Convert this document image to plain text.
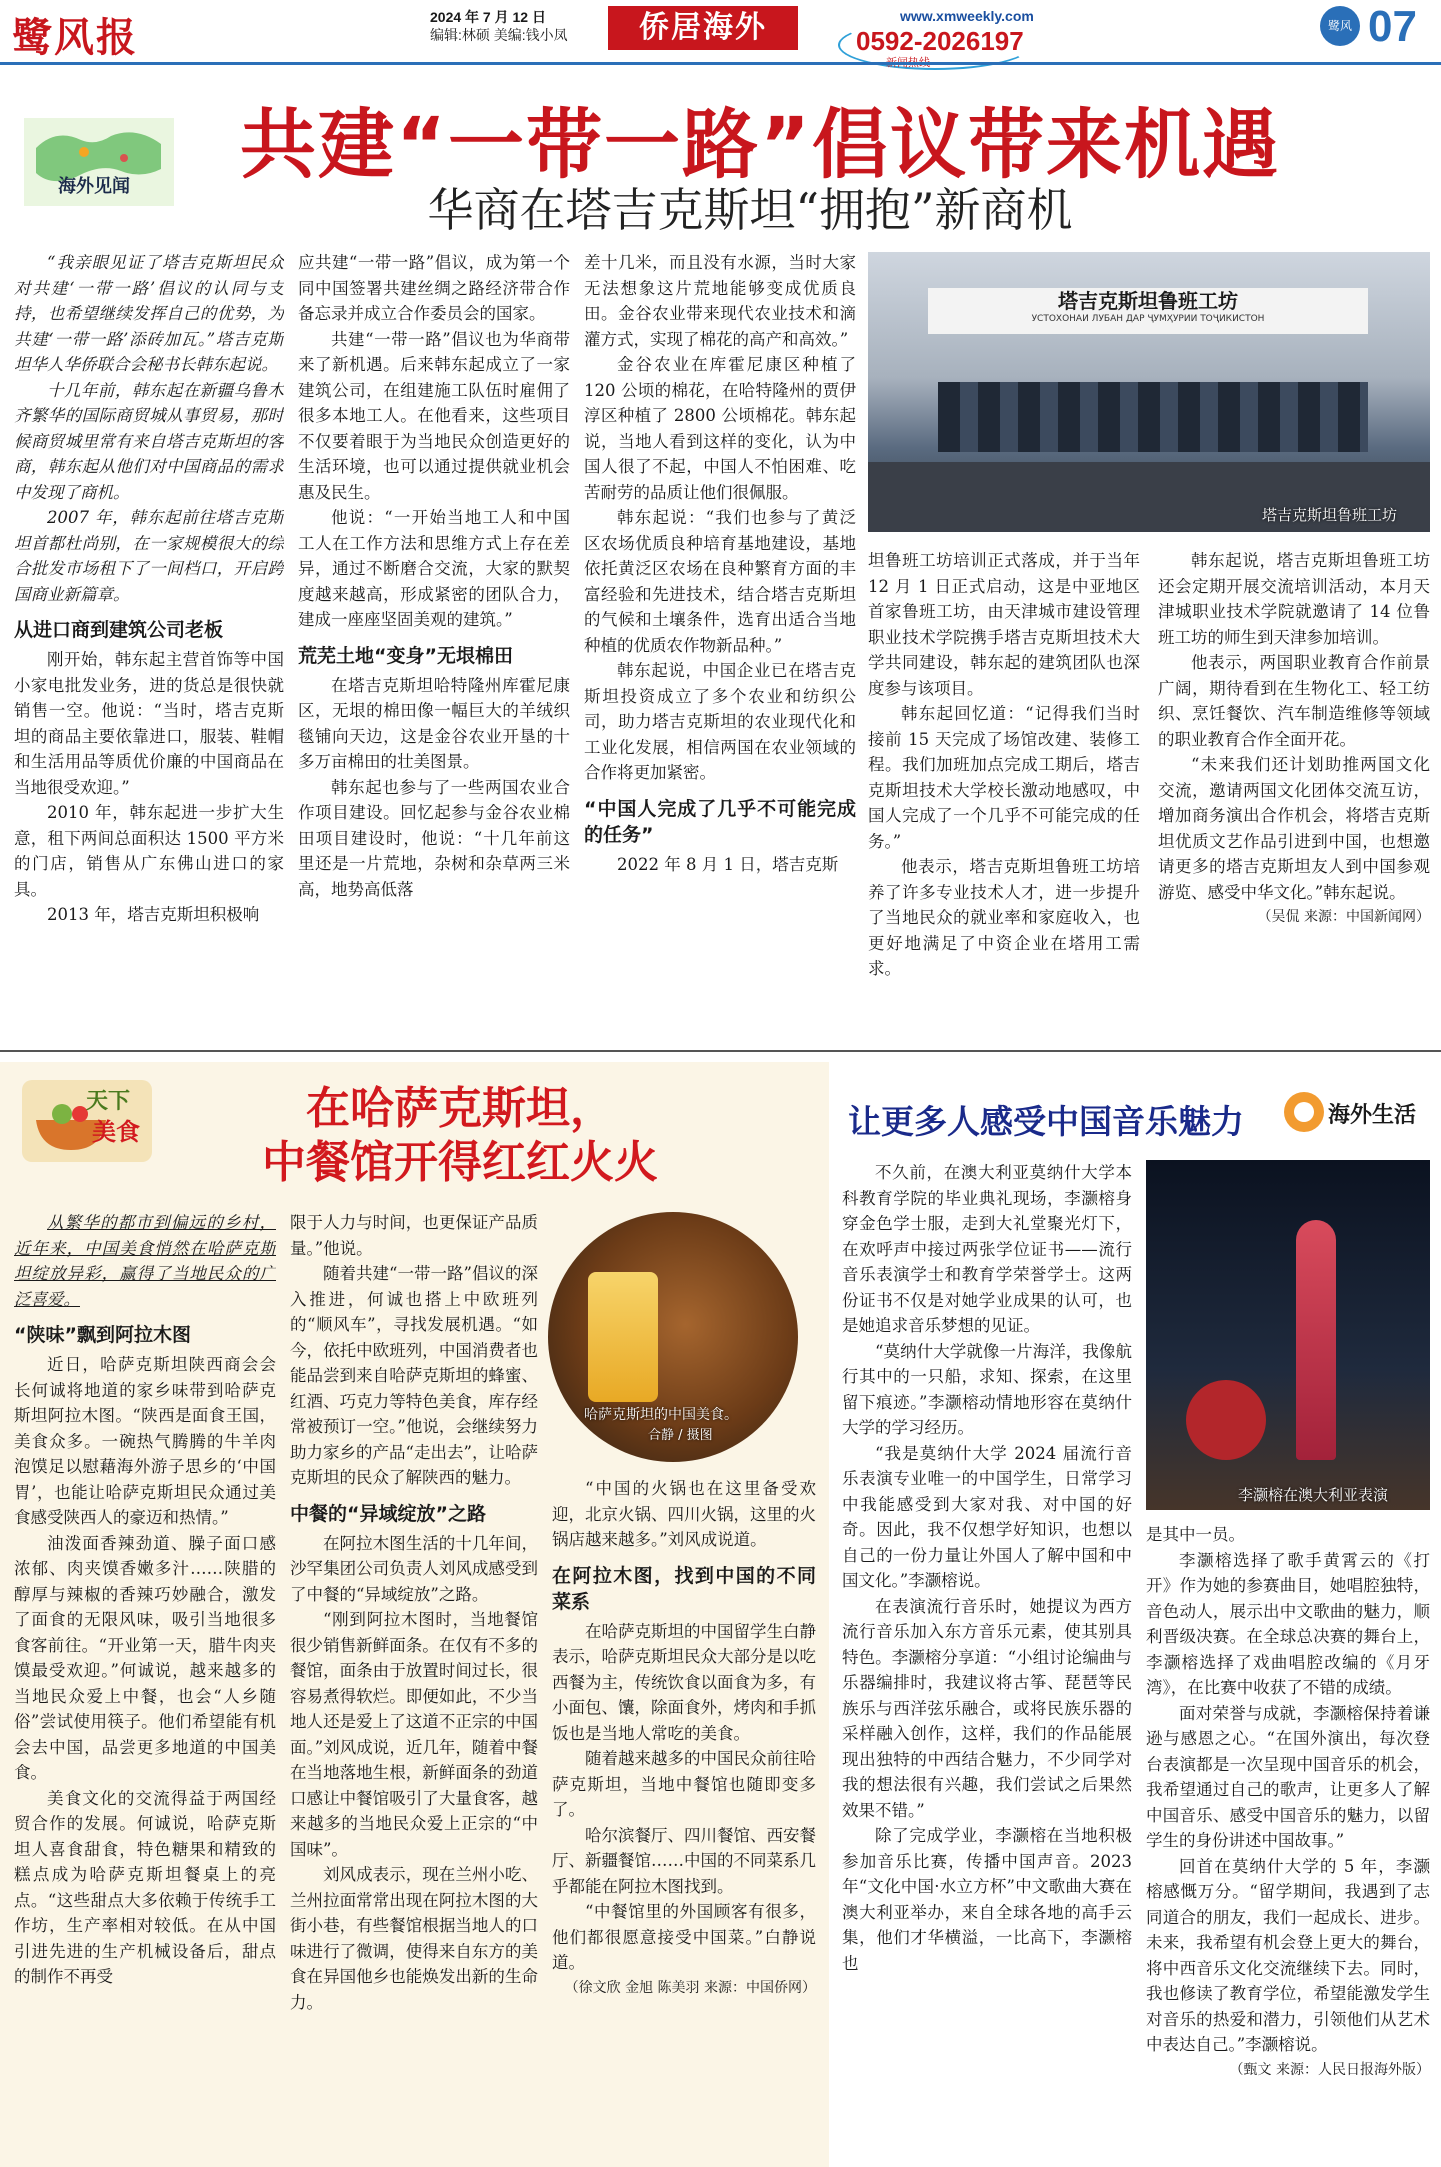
鹭风报	2024 年 7 月 12 日
编辑:林硕 美编:钱小凤	侨居海外	www.xmweekly.com
0592-2026197	鹭风 07
海外见闻 共建“一带一路”倡议带来机遇
华商在塔吉克斯坦“拥抱”新商机

“我亲眼见证了塔吉克斯坦民众对共建‘一带一路’倡议的认同与支持，也希望继续发挥自己的优势，为共建‘一带一路’添砖加瓦。”塔吉克斯坦华人华侨联合会秘书长韩东起说。

十几年前，韩东起在新疆乌鲁木齐繁华的国际商贸城从事贸易，那时候商贸城里常有来自塔吉克斯坦的客商，韩东起从他们对中国商品的需求中发现了商机。

2007 年，韩东起前往塔吉克斯坦首都杜尚别，在一家规模很大的综合批发市场租下了一间档口，开启跨国商业新篇章。

从进口商到建筑公司老板

刚开始，韩东起主营首饰等中国小家电批发业务，进的货总是很快就销售一空。他说：“当时，塔吉克斯坦的商品主要依靠进口，服装、鞋帽和生活用品等质优价廉的中国商品在当地很受欢迎。”

2010 年，韩东起进一步扩大生意，租下两间总面积达 1500 平方米的门店，销售从广东佛山进口的家具。

2013 年，塔吉克斯坦积极响

应共建“一带一路”倡议，成为第一个同中国签署共建丝绸之路经济带合作备忘录并成立合作委员会的国家。

共建“一带一路”倡议也为华商带来了新机遇。后来韩东起成立了一家建筑公司，在组建施工队伍时雇佣了很多本地工人。在他看来，这些项目不仅要着眼于为当地民众创造更好的生活环境，也可以通过提供就业机会惠及民生。

他说：“一开始当地工人和中国工人在工作方法和思维方式上存在差异，通过不断磨合交流，大家的默契度越来越高，形成紧密的团队合力，建成一座座坚固美观的建筑。”

荒芜土地“变身”无垠棉田

在塔吉克斯坦哈特隆州库霍尼康区，无垠的棉田像一幅巨大的羊绒织毯铺向天边，这是金谷农业开垦的十多万亩棉田的壮美图景。

韩东起也参与了一些两国农业合作项目建设。回忆起参与金谷农业棉田项目建设时，他说：“十几年前这里还是一片荒地，杂树和杂草两三米高，地势高低落

差十几米，而且没有水源，当时大家无法想象这片荒地能够变成优质良田。金谷农业带来现代农业技术和滴灌方式，实现了棉花的高产和高效。”

金谷农业在库霍尼康区种植了 120 公顷的棉花，在哈特隆州的贾伊淳区种植了 2800 公顷棉花。韩东起说，当地人看到这样的变化，认为中国人很了不起，中国人不怕困难、吃苦耐劳的品质让他们很佩服。

韩东起说：“我们也参与了黄泛区农场优质良种培育基地建设，基地依托黄泛区农场在良种繁育方面的丰富经验和先进技术，结合塔吉克斯坦的气候和土壤条件，选育出适合当地种植的优质农作物新品种。”

韩东起说，中国企业已在塔吉克斯坦投资成立了多个农业和纺织公司，助力塔吉克斯坦的农业现代化和工业化发展，相信两国在农业领域的合作将更加紧密。

“中国人完成了几乎不可能完成的任务”

2022 年 8 月 1 日，塔吉克斯

塔吉克斯坦鲁班工坊
УСТОХОНАИ ЛУБАН ДАР ҶУМҲУРИИ ТОҶИКИСТОН
塔吉克斯坦鲁班工坊

坦鲁班工坊培训正式落成，并于当年 12 月 1 日正式启动，这是中亚地区首家鲁班工坊，由天津城市建设管理职业技术学院携手塔吉克斯坦技术大学共同建设，韩东起的建筑团队也深度参与该项目。

韩东起回忆道：“记得我们当时接前 15 天完成了场馆改建、装修工程。我们加班加点完成工期后，塔吉克斯坦技术大学校长激动地感叹，中国人完成了一个几乎不可能完成的任务。”

他表示，塔吉克斯坦鲁班工坊培养了许多专业技术人才，进一步提升了当地民众的就业率和家庭收入，也更好地满足了中资企业在塔用工需求。

韩东起说，塔吉克斯坦鲁班工坊还会定期开展交流培训活动，本月天津城职业技术学院就邀请了 14 位鲁班工坊的师生到天津参加培训。

他表示，两国职业教育合作前景广阔，期待看到在生物化工、轻工纺织、烹饪餐饮、汽车制造维修等领域的职业教育合作全面开花。

“未来我们还计划助推两国文化交流，邀请两国文化团体交流互访，增加商务演出合作机会，将塔吉克斯坦优质文艺作品引进到中国，也想邀请更多的塔吉克斯坦友人到中国参观游览、感受中华文化。”韩东起说。

（吴侃 来源：中国新闻网）

天下
美食	在哈萨克斯坦，
中餐馆开得红红火火

从繁华的都市到偏远的乡村，近年来，中国美食悄然在哈萨克斯坦绽放异彩，赢得了当地民众的广泛喜爱。

“陕味”飘到阿拉木图

近日，哈萨克斯坦陕西商会会长何诚将地道的家乡味带到哈萨克斯坦阿拉木图。“陕西是面食王国，美食众多。一碗热气腾腾的牛羊肉泡馍足以慰藉海外游子思乡的‘中国胃’，也能让哈萨克斯坦民众通过美食感受陕西人的豪迈和热情。”

油泼面香辣劲道、臊子面口感浓郁、肉夹馍香嫩多汁……陕腊的醇厚与辣椒的香辣巧妙融合，激发了面食的无限风味，吸引当地很多食客前往。“开业第一天，腊牛肉夹馍最受欢迎。”何诚说，越来越多的当地民众爱上中餐，也会“人乡随俗”尝试使用筷子。他们希望能有机会去中国，品尝更多地道的中国美食。

美食文化的交流得益于两国经贸合作的发展。何诚说，哈萨克斯坦人喜食甜食，特色糖果和精致的糕点成为哈萨克斯坦餐桌上的亮点。“这些甜点大多依赖于传统手工作坊，生产率相对较低。在从中国引进先进的生产机械设备后，甜点的制作不再受

限于人力与时间，也更保证产品质量。”他说。

随着共建“一带一路”倡议的深入推进，何诚也搭上中欧班列的“顺风车”，寻找发展机遇。“如今，依托中欧班列，中国消费者也能品尝到来自哈萨克斯坦的蜂蜜、红酒、巧克力等特色美食，库存经常被预订一空。”他说，会继续努力助力家乡的产品“走出去”，让哈萨克斯坦的民众了解陕西的魅力。

中餐的“异域绽放”之路

在阿拉木图生活的十几年间，沙罕集团公司负责人刘风成感受到了中餐的“异域绽放”之路。

“刚到阿拉木图时，当地餐馆很少销售新鲜面条。在仅有不多的餐馆，面条由于放置时间过长，很容易煮得软烂。即便如此，不少当地人还是爱上了这道不正宗的中国面。”刘风成说，近几年，随着中餐在当地落地生根，新鲜面条的劲道口感让中餐馆吸引了大量食客，越来越多的当地民众爱上正宗的“中国味”。

刘风成表示，现在兰州小吃、兰州拉面常常出现在阿拉木图的大街小巷，有些餐馆根据当地人的口味进行了微调，使得来自东方的美食在异国他乡也能焕发出新的生命力。

哈萨克斯坦的中国美食。
合静 / 摄图

“中国的火锅也在这里备受欢迎，北京火锅、四川火锅，这里的火锅店越来越多。”刘风成说道。

在阿拉木图，找到中国的不同菜系

在哈萨克斯坦的中国留学生白静表示，哈萨克斯坦民众大部分是以吃西餐为主，传统饮食以面食为多，有小面包、馕，除面食外，烤肉和手抓饭也是当地人常吃的美食。

随着越来越多的中国民众前往哈萨克斯坦，当地中餐馆也随即变多了。

哈尔滨餐厅、四川餐馆、西安餐厅、新疆餐馆……中国的不同菜系几乎都能在阿拉木图找到。

“中餐馆里的外国顾客有很多，他们都很愿意接受中国菜。”白静说道。

（徐文欣 金旭 陈美羽 来源：中国侨网）

让更多人感受中国音乐魅力	海外生活

不久前，在澳大利亚莫纳什大学本科教育学院的毕业典礼现场，李灏榕身穿金色学士服，走到大礼堂聚光灯下，在欢呼声中接过两张学位证书——流行音乐表演学士和教育学荣誉学士。这两份证书不仅是对她学业成果的认可，也是她追求音乐梦想的见证。

“莫纳什大学就像一片海洋，我像航行其中的一只船，求知、探索，在这里留下痕迹。”李灏榕动情地形容在莫纳什大学的学习经历。

“我是莫纳什大学 2024 届流行音乐表演专业唯一的中国学生，日常学习中我能感受到大家对我、对中国的好奇。因此，我不仅想学好知识，也想以自己的一份力量让外国人了解中国和中国文化。”李灏榕说。

在表演流行音乐时，她提议为西方流行音乐加入东方音乐元素，使其别具特色。李灏榕分享道：“小组讨论编曲与乐器编排时，我建议将古筝、琵琶等民族乐与西洋弦乐融合，或将民族乐器的采样融入创作，这样，我们的作品能展现出独特的中西结合魅力，不少同学对我的想法很有兴趣，我们尝试之后果然效果不错。”

除了完成学业，李灏榕在当地积极参加音乐比赛，传播中国声音。2023 年“文化中国·水立方杯”中文歌曲大赛在澳大利亚举办，来自全球各地的高手云集，他们才华横溢，一比高下，李灏榕也

李灏榕在澳大利亚表演

是其中一员。

李灏榕选择了歌手黄霄云的《打开》作为她的参赛曲目，她唱腔独特，音色动人，展示出中文歌曲的魅力，顺利晋级决赛。在全球总决赛的舞台上，李灏榕选择了戏曲唱腔改编的《月牙湾》，在比赛中收获了不错的成绩。

面对荣誉与成就，李灏榕保持着谦逊与感恩之心。“在国外演出，每次登台表演都是一次呈现中国音乐的机会，我希望通过自己的歌声，让更多人了解中国音乐、感受中国音乐的魅力，以留学生的身份讲述中国故事。”

回首在莫纳什大学的 5 年，李灏榕感慨万分。“留学期间，我遇到了志同道合的朋友，我们一起成长、进步。未来，我希望有机会登上更大的舞台，将中西音乐文化交流继续下去。同时，我也修读了教育学位，希望能激发学生对音乐的热爱和潜力，引领他们从艺术中表达自己。”李灏榕说。

（甄文 来源：人民日报海外版）
